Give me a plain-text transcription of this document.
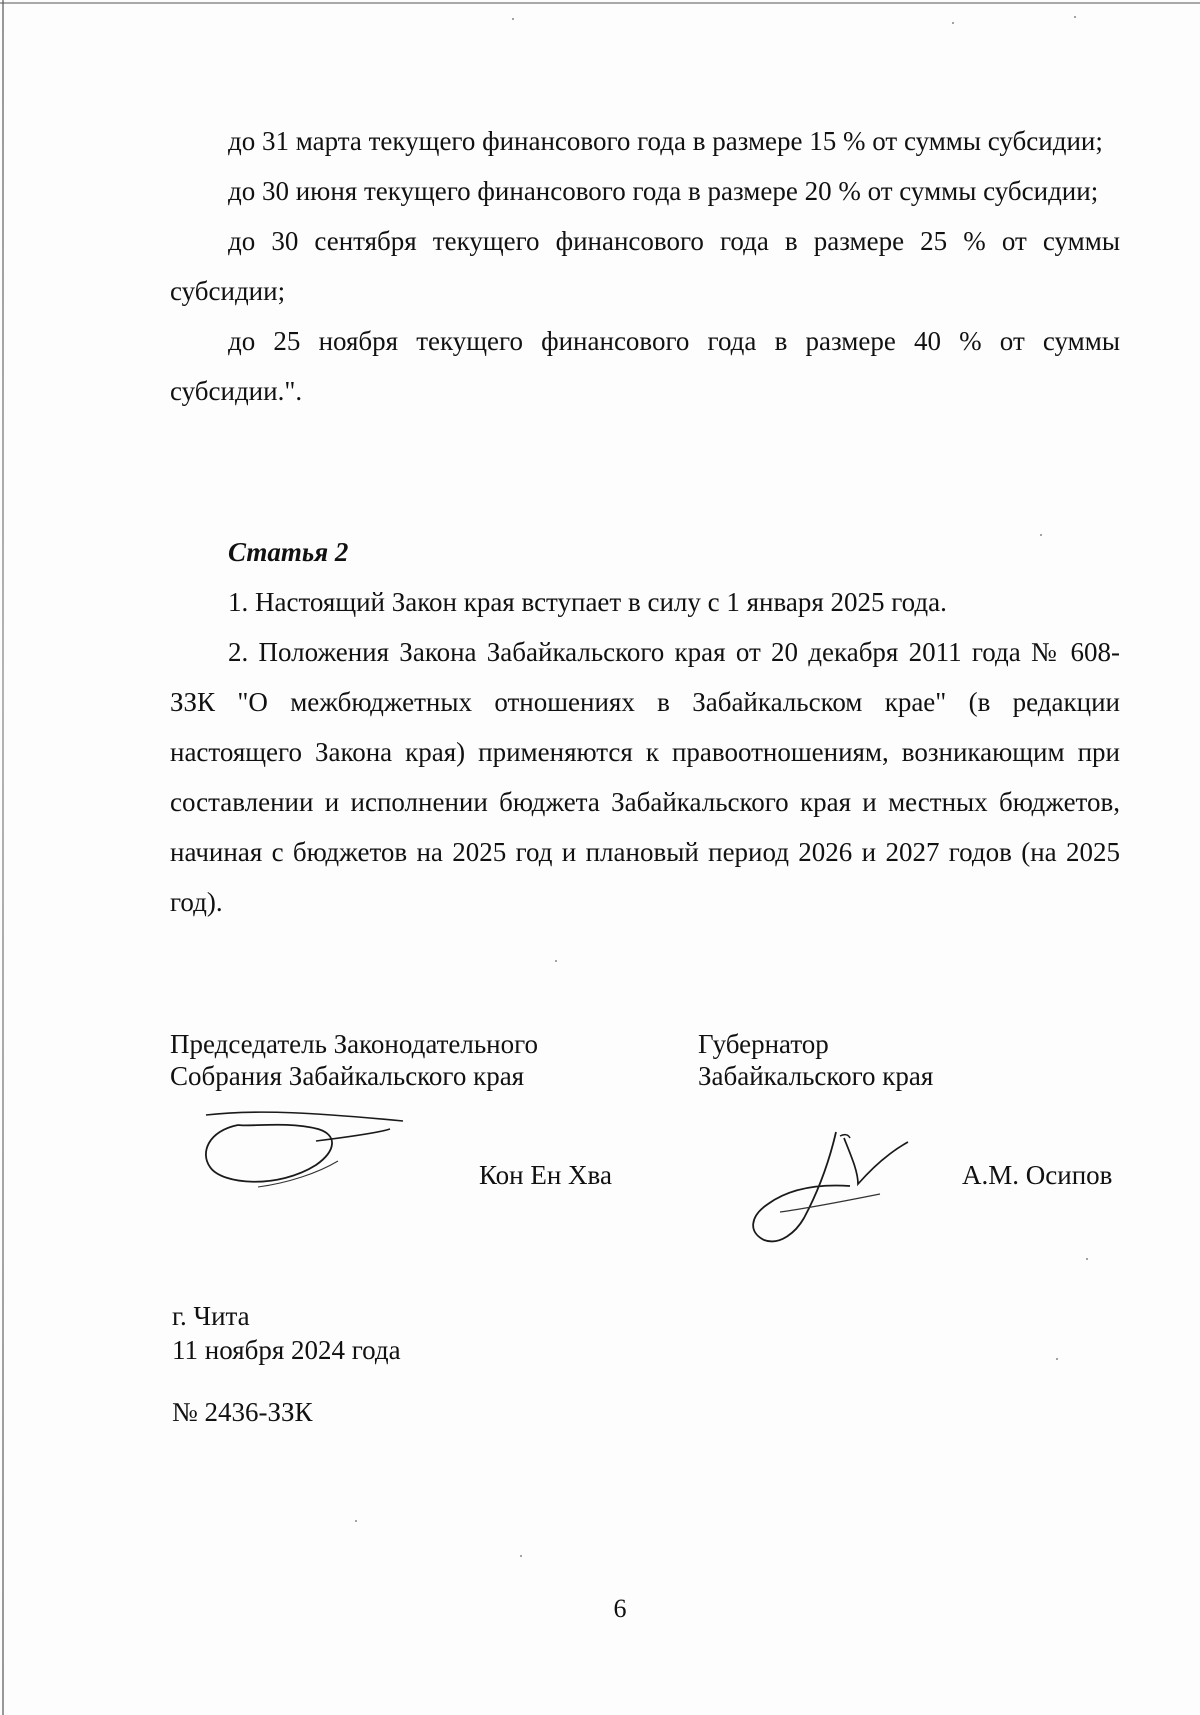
до 31 марта текущего финансового года в размере 15 % от суммы субсидии;

до 30 июня текущего финансового года в размере 20 % от суммы субсидии;

до 30 сентября текущего финансового года в размере 25 % от суммы субсидии;

до 25 ноября текущего финансового года в размере 40 % от суммы субсидии.".

Статья 2

1. Настоящий Закон края вступает в силу с 1 января 2025 года.

2. Положения Закона Забайкальского края от 20 декабря 2011 года № 608-ЗЗК "О межбюджетных отношениях в Забайкальском крае" (в редакции настоящего Закона края) применяются к правоотношениям, возникающим при составлении и исполнении бюджета Забайкальского края и местных бюджетов, начиная с бюджетов на 2025 год и плановый период 2026 и 2027 годов (на 2025 год).

Председатель Законодательного
Собрания Забайкальского края
Кон Ен Хва
Губернатор
Забайкальского края
А.М. Осипов
г. Чита
11 ноября 2024 года
№ 2436-ЗЗК
6
